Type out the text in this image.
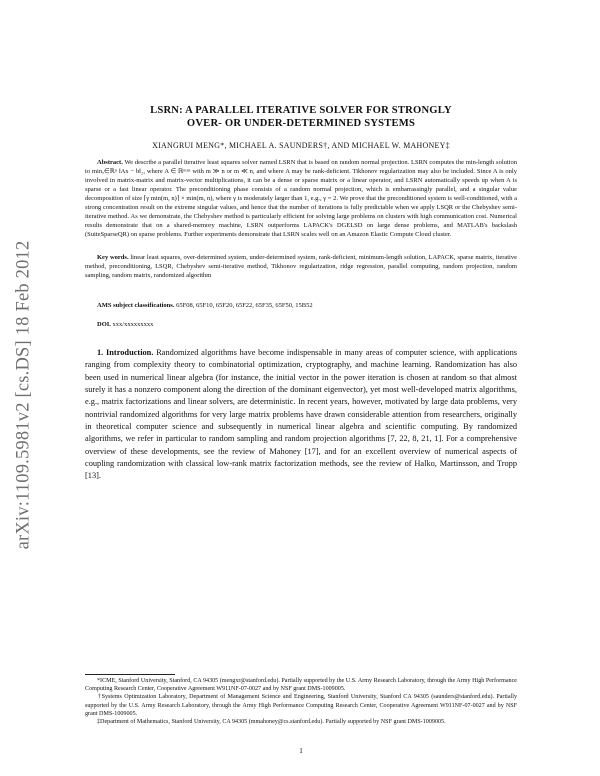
arXiv:1109.5981v2 [cs.DS] 18 Feb 2012
LSRN: A PARALLEL ITERATIVE SOLVER FOR STRONGLY
OVER- OR UNDER-DETERMINED SYSTEMS
XIANGRUI MENG*, MICHAEL A. SAUNDERS†, AND MICHAEL W. MAHONEY‡
Abstract. We describe a parallel iterative least squares solver named LSRN that is based on random normal projection. LSRN computes the min-length solution to minₓ∈ℝⁿ ‖Ax − b‖₂, where A ∈ ℝᵐˣⁿ with m ≫ n or m ≪ n, and where A may be rank-deficient. Tikhonov regularization may also be included. Since A is only involved in matrix-matrix and matrix-vector multiplications, it can be a dense or sparse matrix or a linear operator, and LSRN automatically speeds up when A is sparse or a fast linear operator. The preconditioning phase consists of a random normal projection, which is embarrassingly parallel, and a singular value decomposition of size ⌈γ min(m, n)⌉ × min(m, n), where γ is moderately larger than 1, e.g., γ = 2. We prove that the preconditioned system is well-conditioned, with a strong concentration result on the extreme singular values, and hence that the number of iterations is fully predictable when we apply LSQR or the Chebyshev semi-iterative method. As we demonstrate, the Chebyshev method is particularly efficient for solving large problems on clusters with high communication cost. Numerical results demonstrate that on a shared-memory machine, LSRN outperforms LAPACK's DGELSD on large dense problems, and MATLAB's backslash (SuiteSparseQR) on sparse problems. Further experiments demonstrate that LSRN scales well on an Amazon Elastic Compute Cloud cluster.
Key words. linear least squares, over-determined system, under-determined system, rank-deficient, minimum-length solution, LAPACK, sparse matrix, iterative method, preconditioning, LSQR, Chebyshev semi-iterative method, Tikhonov regularization, ridge regression, parallel computing, random projection, random sampling, random matrix, randomized algorithm
AMS subject classifications. 65F08, 65F10, 65F20, 65F22, 65F35, 65F50, 15B52
DOI. xxx/xxxxxxxxx
1. Introduction. Randomized algorithms have become indispensable in many areas of computer science, with applications ranging from complexity theory to combinatorial optimization, cryptography, and machine learning. Randomization has also been used in numerical linear algebra (for instance, the initial vector in the power iteration is chosen at random so that almost surely it has a nonzero component along the direction of the dominant eigenvector), yet most well-developed matrix algorithms, e.g., matrix factorizations and linear solvers, are deterministic. In recent years, however, motivated by large data problems, very nontrivial randomized algorithms for very large matrix problems have drawn considerable attention from researchers, originally in theoretical computer science and subsequently in numerical linear algebra and scientific computing. By randomized algorithms, we refer in particular to random sampling and random projection algorithms [7, 22, 8, 21, 1]. For a comprehensive overview of these developments, see the review of Mahoney [17], and for an excellent overview of numerical aspects of coupling randomization with classical low-rank matrix factorization methods, see the review of Halko, Martinsson, and Tropp [13].
*ICME, Stanford University, Stanford, CA 94305 (mengxr@stanford.edu). Partially supported by the U.S. Army Research Laboratory, through the Army High Performance Computing Research Center, Cooperative Agreement W911NF-07-0027 and by NSF grant DMS-1009005.
†Systems Optimization Laboratory, Department of Management Science and Engineering, Stanford University, Stanford CA 94305 (saunders@stanford.edu). Partially supported by the U.S. Army Research Laboratory, through the Army High Performance Computing Research Center, Cooperative Agreement W911NF-07-0027 and by NSF grant DMS-1009005.
‡Department of Mathematics, Stanford University, CA 94305 (mmahoney@cs.stanford.edu). Partially supported by NSF grant DMS-1009005.
1
